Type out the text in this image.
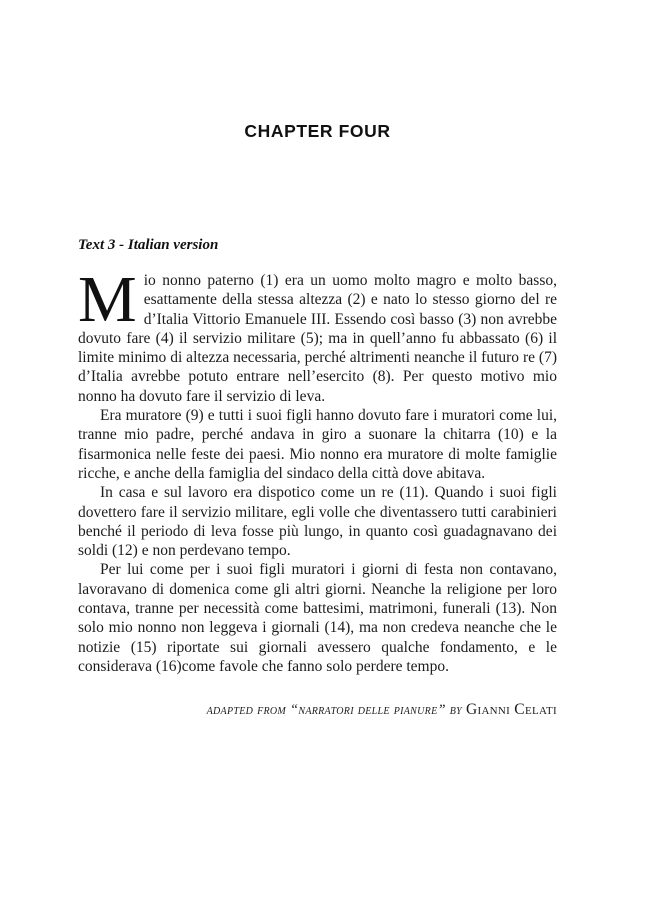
CHAPTER FOUR

Text 3 - Italian version

Mio nonno paterno (1) era un uomo molto magro e molto basso, esattamente della stessa altezza (2) e nato lo stesso giorno del re d’Italia Vittorio Emanuele III. Essendo così basso (3) non avrebbe dovuto fare (4) il servizio militare (5); ma in quell’anno fu abbassato (6) il limite minimo di altezza necessaria, perché altrimenti neanche il futuro re (7) d’Italia avrebbe potuto entrare nell’esercito (8). Per questo motivo mio nonno ha dovuto fare il servizio di leva.

Era muratore (9) e tutti i suoi figli hanno dovuto fare i muratori come lui, tranne mio padre, perché andava in giro a suonare la chitarra (10) e la fisarmonica nelle feste dei paesi. Mio nonno era muratore di molte famiglie ricche, e anche della famiglia del sindaco della città dove abitava.

In casa e sul lavoro era dispotico come un re (11). Quando i suoi figli dovettero fare il servizio militare, egli volle che diventassero tutti carabinieri benché il periodo di leva fosse più lungo, in quanto così guadagnavano dei soldi (12) e non perdevano tempo.

Per lui come per i suoi figli muratori i giorni di festa non contavano, lavoravano di domenica come gli altri giorni. Neanche la religione per loro contava, tranne per necessità come battesimi, matrimoni, funerali (13). Non solo mio nonno non leggeva i giornali (14), ma non credeva neanche che le notizie (15) riportate sui giornali avessero qualche fondamento, e le considerava (16)come favole che fanno solo perdere tempo.

adapted from “narratori delle pianure” by Gianni Celati
